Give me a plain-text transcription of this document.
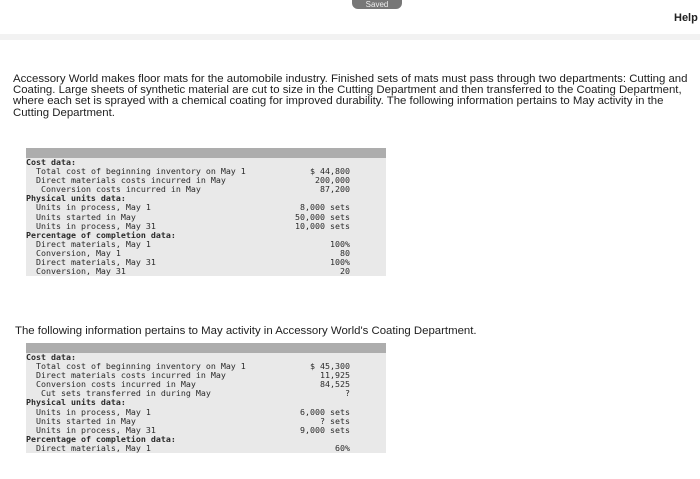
Saved
Help
Accessory World makes floor mats for the automobile industry. Finished sets of mats must pass through two departments: Cutting and Coating. Large sheets of synthetic material are cut to size in the Cutting Department and then transferred to the Coating Department, where each set is sprayed with a chemical coating for improved durability. The following information pertains to May activity in the Cutting Department.
Cost data:
Total cost of beginning inventory on May 1	$ 44,800
Direct materials costs incurred in May	200,000
Conversion costs incurred in May	87,200
Physical units data:
Units in process, May 1	8,000 sets
Units started in May	50,000 sets
Units in process, May 31	10,000 sets
Percentage of completion data:
Direct materials, May 1	100%
Conversion, May 1	80
Direct materials, May 31	100%
Conversion, May 31	20
The following information pertains to May activity in Accessory World's Coating Department.
Cost data:
Total cost of beginning inventory on May 1	$ 45,300
Direct materials costs incurred in May	11,925
Conversion costs incurred in May	84,525
Cut sets transferred in during May	?
Physical units data:
Units in process, May 1	6,000 sets
Units started in May	? sets
Units in process, May 31	9,000 sets
Percentage of completion data:
Direct materials, May 1	60%
